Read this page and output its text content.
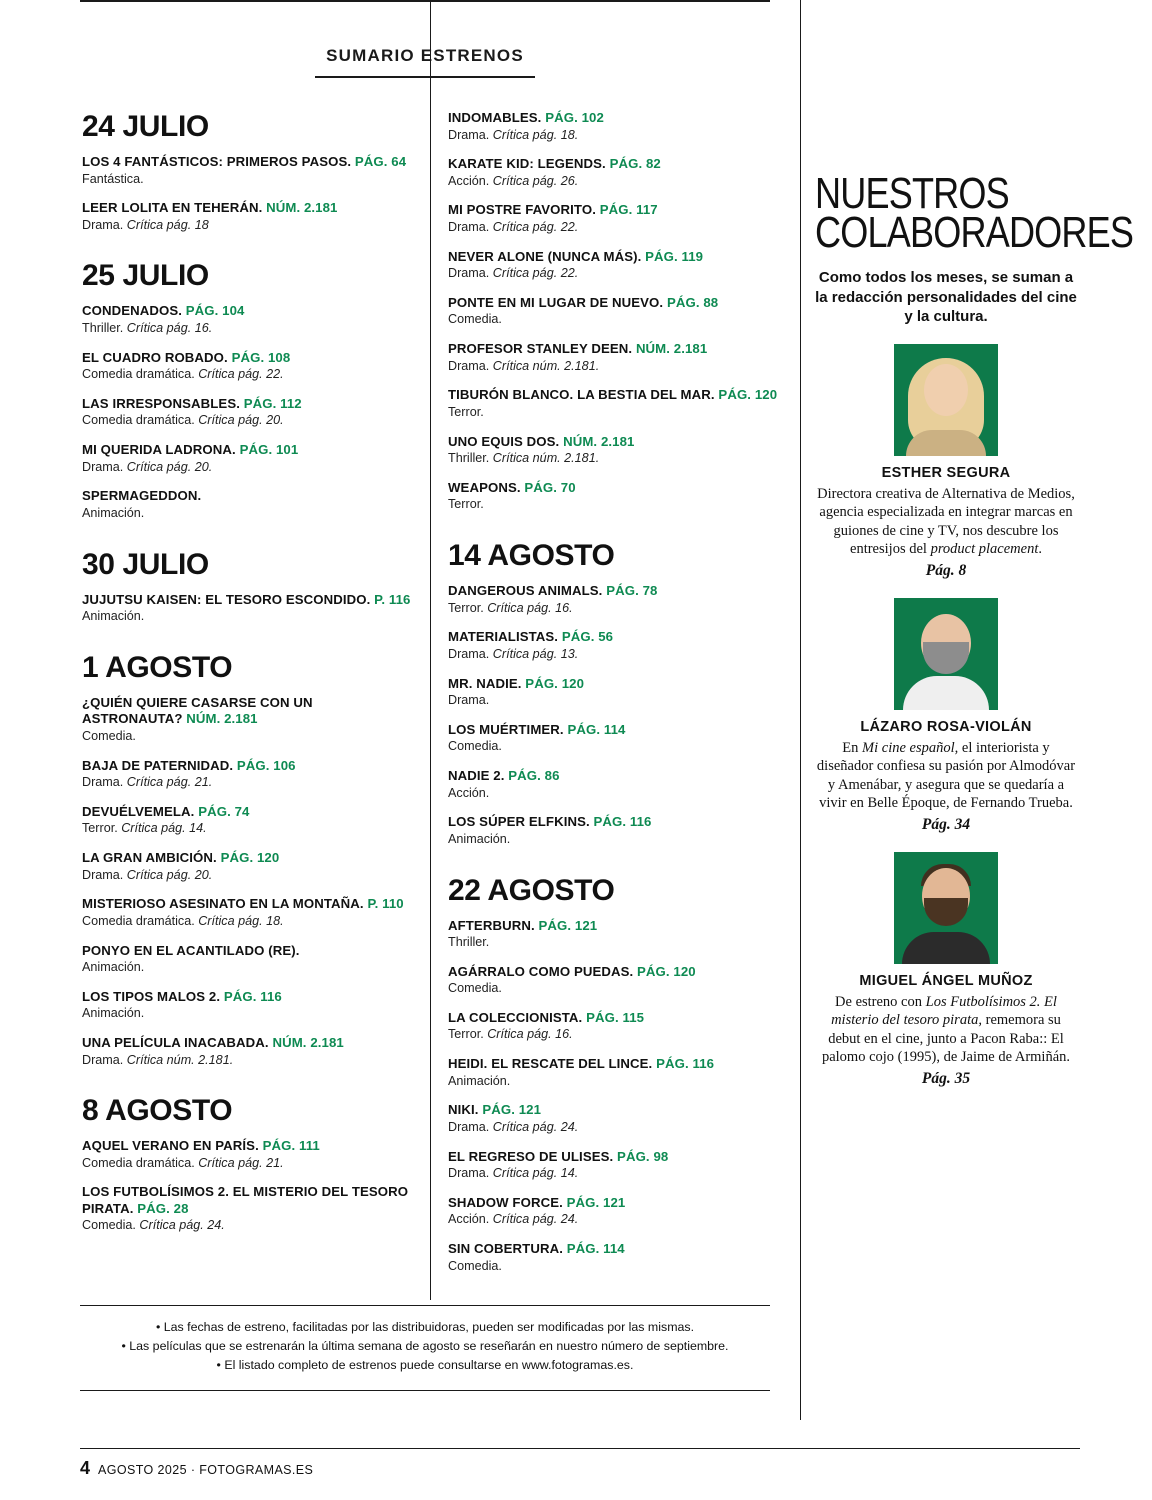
SUMARIO ESTRENOS
24 JULIO
LOS 4 FANTÁSTICOS: PRIMEROS PASOS. PÁG. 64
Fantástica.
LEER LOLITA EN TEHERÁN. NÚM. 2.181
Drama. Crítica pág. 18
25 JULIO
CONDENADOS. PÁG. 104
Thriller. Crítica pág. 16.
EL CUADRO ROBADO. PÁG. 108
Comedia dramática. Crítica pág. 22.
LAS IRRESPONSABLES. PÁG. 112
Comedia dramática. Crítica pág. 20.
MI QUERIDA LADRONA. PÁG. 101
Drama. Crítica pág. 20.
SPERMAGEDDON.
Animación.
30 JULIO
JUJUTSU KAISEN: EL TESORO ESCONDIDO. P. 116
Animación.
1 AGOSTO
¿QUIÉN QUIERE CASARSE CON UN ASTRONAUTA? NÚM. 2.181
Comedia.
BAJA DE PATERNIDAD. PÁG. 106
Drama. Crítica pág. 21.
DEVUÉLVEMELA. PÁG. 74
Terror. Crítica pág. 14.
LA GRAN AMBICIÓN. PÁG. 120
Drama. Crítica pág. 20.
MISTERIOSO ASESINATO EN LA MONTAÑA. P. 110
Comedia dramática. Crítica pág. 18.
PONYO EN EL ACANTILADO (RE).
Animación.
LOS TIPOS MALOS 2. PÁG. 116
Animación.
UNA PELÍCULA INACABADA. NÚM. 2.181
Drama. Crítica núm. 2.181.
8 AGOSTO
AQUEL VERANO EN PARÍS. PÁG. 111
Comedia dramática. Crítica pág. 21.
LOS FUTBOLÍSIMOS 2. EL MISTERIO DEL TESORO PIRATA. PÁG. 28
Comedia. Crítica pág. 24.
INDOMABLES. PÁG. 102
Drama. Crítica pág. 18.
KARATE KID: LEGENDS. PÁG. 82
Acción. Crítica pág. 26.
MI POSTRE FAVORITO. PÁG. 117
Drama. Crítica pág. 22.
NEVER ALONE (NUNCA MÁS). PÁG. 119
Drama. Crítica pág. 22.
PONTE EN MI LUGAR DE NUEVO. PÁG. 88
Comedia.
PROFESOR STANLEY DEEN. NÚM. 2.181
Drama. Crítica núm. 2.181.
TIBURÓN BLANCO. LA BESTIA DEL MAR. PÁG. 120
Terror.
UNO EQUIS DOS. NÚM. 2.181
Thriller. Crítica núm. 2.181.
WEAPONS. PÁG. 70
Terror.
14 AGOSTO
DANGEROUS ANIMALS. PÁG. 78
Terror. Crítica pág. 16.
MATERIALISTAS. PÁG. 56
Drama. Crítica pág. 13.
MR. NADIE. PÁG. 120
Drama.
LOS MUÉRTIMER. PÁG. 114
Comedia.
NADIE 2. PÁG. 86
Acción.
LOS SÚPER ELFKINS. PÁG. 116
Animación.
22 AGOSTO
AFTERBURN. PÁG. 121
Thriller.
AGÁRRALO COMO PUEDAS. PÁG. 120
Comedia.
LA COLECCIONISTA. PÁG. 115
Terror. Crítica pág. 16.
HEIDI. EL RESCATE DEL LINCE. PÁG. 116
Animación.
NIKI. PÁG. 121
Drama. Crítica pág. 24.
EL REGRESO DE ULISES. PÁG. 98
Drama. Crítica pág. 14.
SHADOW FORCE. PÁG. 121
Acción. Crítica pág. 24.
SIN COBERTURA. PÁG. 114
Comedia.
NUESTROS
COLABORADORES
Como todos los meses, se suman a la redacción personalidades del cine y la cultura.
ESTHER SEGURA
Directora creativa de Alternativa de Medios, agencia especializada en integrar marcas en guiones de cine y TV, nos descubre los entresijos del product placement.
Pág. 8
LÁZARO ROSA-VIOLÁN
En Mi cine español, el interiorista y diseñador confiesa su pasión por Almodóvar y Amenábar, y asegura que se quedaría a vivir en Belle Époque, de Fernando Trueba.
Pág. 34
MIGUEL ÁNGEL MUÑOZ
De estreno con Los Futbolísimos 2. El misterio del tesoro pirata, rememora su debut en el cine, junto a Pacon Raba:: El palomo cojo (1995), de Jaime de Armiñán.
Pág. 35
• Las fechas de estreno, facilitadas por las distribuidoras, pueden ser modificadas por las mismas.
• Las películas que se estrenarán la última semana de agosto se reseñarán en nuestro número de septiembre.
• El listado completo de estrenos puede consultarse en www.fotogramas.es.
4 AGOSTO 2025 · FOTOGRAMAS.ES
